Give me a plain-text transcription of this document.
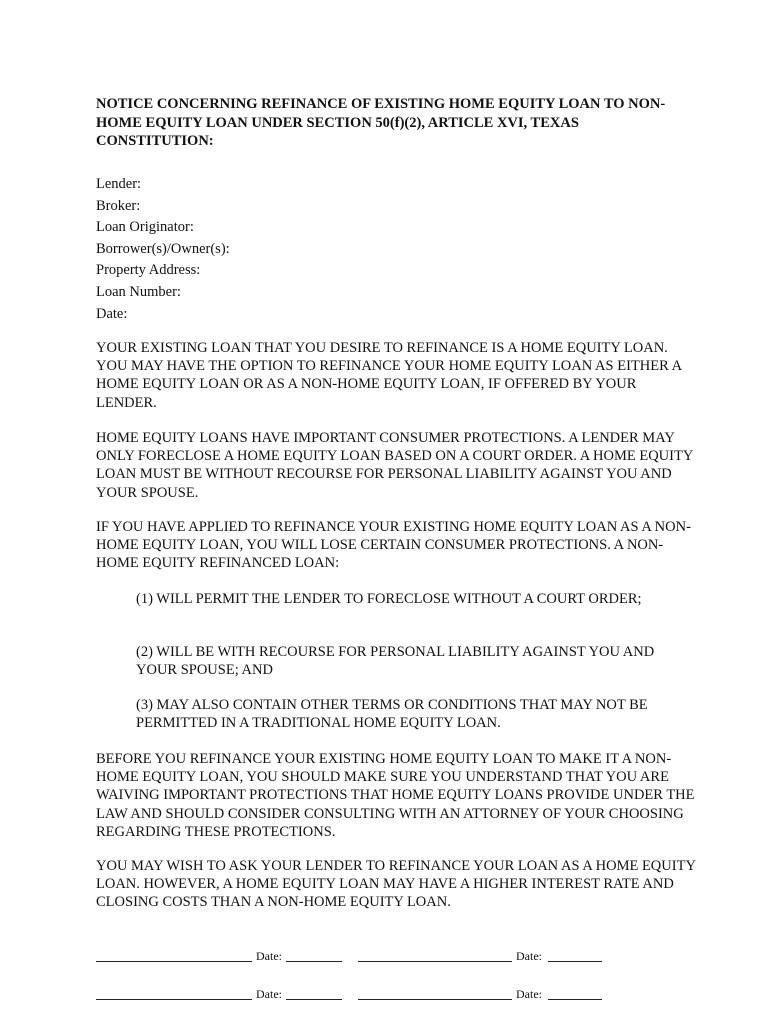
NOTICE CONCERNING REFINANCE OF EXISTING HOME EQUITY LOAN TO NON-HOME EQUITY LOAN UNDER SECTION 50(f)(2), ARTICLE XVI, TEXAS CONSTITUTION:

Lender:
Broker:
Loan Originator:
Borrower(s)/Owner(s):
Property Address:
Loan Number:
Date:

YOUR EXISTING LOAN THAT YOU DESIRE TO REFINANCE IS A HOME EQUITY LOAN. YOU MAY HAVE THE OPTION TO REFINANCE YOUR HOME EQUITY LOAN AS EITHER A HOME EQUITY LOAN OR AS A NON-HOME EQUITY LOAN, IF OFFERED BY YOUR LENDER.

HOME EQUITY LOANS HAVE IMPORTANT CONSUMER PROTECTIONS. A LENDER MAY ONLY FORECLOSE A HOME EQUITY LOAN BASED ON A COURT ORDER. A HOME EQUITY LOAN MUST BE WITHOUT RECOURSE FOR PERSONAL LIABILITY AGAINST YOU AND YOUR SPOUSE.

IF YOU HAVE APPLIED TO REFINANCE YOUR EXISTING HOME EQUITY LOAN AS A NON-HOME EQUITY LOAN, YOU WILL LOSE CERTAIN CONSUMER PROTECTIONS. A NON-HOME EQUITY REFINANCED LOAN:

(1) WILL PERMIT THE LENDER TO FORECLOSE WITHOUT A COURT ORDER;

(2) WILL BE WITH RECOURSE FOR PERSONAL LIABILITY AGAINST YOU AND YOUR SPOUSE; AND

(3) MAY ALSO CONTAIN OTHER TERMS OR CONDITIONS THAT MAY NOT BE PERMITTED IN A TRADITIONAL HOME EQUITY LOAN.

BEFORE YOU REFINANCE YOUR EXISTING HOME EQUITY LOAN TO MAKE IT A NON-HOME EQUITY LOAN, YOU SHOULD MAKE SURE YOU UNDERSTAND THAT YOU ARE WAIVING IMPORTANT PROTECTIONS THAT HOME EQUITY LOANS PROVIDE UNDER THE LAW AND SHOULD CONSIDER CONSULTING WITH AN ATTORNEY OF YOUR CHOOSING REGARDING THESE PROTECTIONS.

YOU MAY WISH TO ASK YOUR LENDER TO REFINANCE YOUR LOAN AS A HOME EQUITY LOAN. HOWEVER, A HOME EQUITY LOAN MAY HAVE A HIGHER INTEREST RATE AND CLOSING COSTS THAN A NON-HOME EQUITY LOAN.

Date:	Date:
Date:	Date:
